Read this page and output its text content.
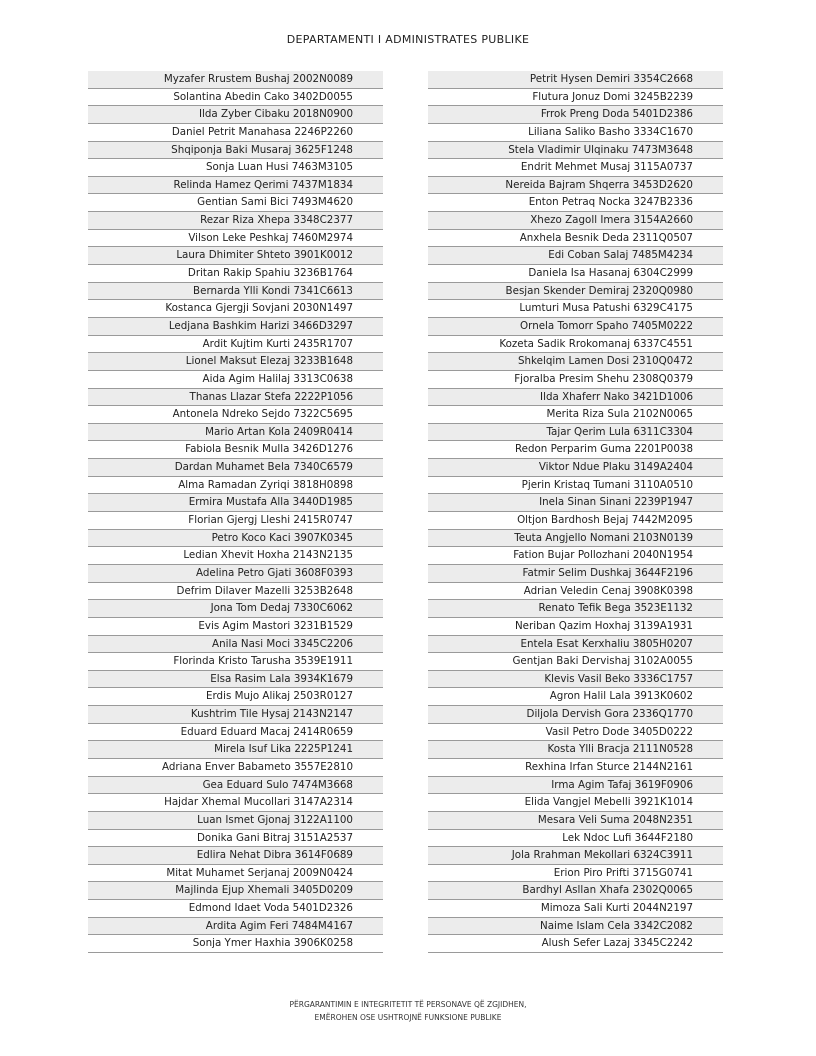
DEPARTAMENTI I ADMINISTRATES PUBLIKE
Myzafer Rrustem Bushaj 2002N0089
Solantina Abedin Cako 3402D0055
Ilda Zyber Cibaku 2018N0900
Daniel Petrit Manahasa 2246P2260
Shqiponja Baki Musaraj 3625F1248
Sonja Luan Husi 7463M3105
Relinda Hamez Qerimi 7437M1834
Gentian Sami Bici 7493M4620
Rezar Riza Xhepa 3348C2377
Vilson Leke Peshkaj 7460M2974
Laura Dhimiter Shteto 3901K0012
Dritan Rakip Spahiu 3236B1764
Bernarda Ylli Kondi 7341C6613
Kostanca Gjergji Sovjani 2030N1497
Ledjana Bashkim Harizi 3466D3297
Ardit Kujtim Kurti 2435R1707
Lionel Maksut Elezaj 3233B1648
Aida Agim Halilaj 3313C0638
Thanas Llazar Stefa 2222P1056
Antonela Ndreko Sejdo 7322C5695
Mario Artan Kola 2409R0414
Fabiola Besnik Mulla 3426D1276
Dardan Muhamet Bela 7340C6579
Alma Ramadan Zyriqi 3818H0898
Ermira Mustafa Alla 3440D1985
Florian Gjergj Lleshi 2415R0747
Petro Koco Kaci 3907K0345
Ledian Xhevit Hoxha 2143N2135
Adelina Petro Gjati 3608F0393
Defrim Dilaver Mazelli 3253B2648
Jona Tom Dedaj 7330C6062
Evis Agim Mastori 3231B1529
Anila Nasi Moci 3345C2206
Florinda Kristo Tarusha 3539E1911
Elsa Rasim Lala 3934K1679
Erdis Mujo Alikaj 2503R0127
Kushtrim Tile Hysaj 2143N2147
Eduard Eduard Macaj 2414R0659
Mirela Isuf Lika 2225P1241
Adriana Enver Babameto 3557E2810
Gea Eduard Sulo 7474M3668
Hajdar Xhemal Mucollari 3147A2314
Luan Ismet Gjonaj 3122A1100
Donika Gani Bitraj 3151A2537
Edlira Nehat Dibra 3614F0689
Mitat Muhamet Serjanaj 2009N0424
Majlinda Ejup Xhemali 3405D0209
Edmond Idaet Voda 5401D2326
Ardita Agim Feri 7484M4167
Sonja Ymer Haxhia 3906K0258
Petrit Hysen Demiri 3354C2668
Flutura Jonuz Domi 3245B2239
Frrok Preng Doda 5401D2386
Liliana Saliko Basho 3334C1670
Stela Vladimir Ulqinaku 7473M3648
Endrit Mehmet Musaj 3115A0737
Nereida Bajram Shqerra 3453D2620
Enton Petraq Nocka 3247B2336
Xhezo Zagoll Imera 3154A2660
Anxhela Besnik Deda 2311Q0507
Edi Coban Salaj 7485M4234
Daniela Isa Hasanaj 6304C2999
Besjan Skender Demiraj 2320Q0980
Lumturi Musa Patushi 6329C4175
Ornela Tomorr Spaho 7405M0222
Kozeta Sadik Rrokomanaj 6337C4551
Shkelqim Lamen Dosi 2310Q0472
Fjoralba Presim Shehu 2308Q0379
Ilda Xhaferr Nako 3421D1006
Merita Riza Sula 2102N0065
Tajar Qerim Lula 6311C3304
Redon Perparim Guma 2201P0038
Viktor Ndue Plaku 3149A2404
Pjerin Kristaq Tumani 3110A0510
Inela Sinan Sinani 2239P1947
Oltjon Bardhosh Bejaj 7442M2095
Teuta Angjello Nomani 2103N0139
Fation Bujar Pollozhani 2040N1954
Fatmir Selim Dushkaj 3644F2196
Adrian Veledin Cenaj 3908K0398
Renato Tefik Bega 3523E1132
Neriban Qazim Hoxhaj 3139A1931
Entela Esat Kerxhaliu 3805H0207
Gentjan Baki Dervishaj 3102A0055
Klevis Vasil Beko 3336C1757
Agron Halil Lala 3913K0602
Diljola Dervish Gora 2336Q1770
Vasil Petro Dode 3405D0222
Kosta Ylli Bracja 2111N0528
Rexhina Irfan Sturce 2144N2161
Irma Agim Tafaj 3619F0906
Elida Vangjel Mebelli 3921K1014
Mesara Veli Suma 2048N2351
Lek Ndoc Lufi 3644F2180
Jola Rrahman Mekollari 6324C3911
Erion Piro Prifti 3715G0741
Bardhyl Asllan Xhafa 2302Q0065
Mimoza Sali Kurti 2044N2197
Naime Islam Cela 3342C2082
Alush Sefer Lazaj 3345C2242
PËRGARANTIMIN E INTEGRITETIT TË PERSONAVE QË ZGJIDHEN,
EMËROHEN OSE USHTROJNË FUNKSIONE PUBLIKE
